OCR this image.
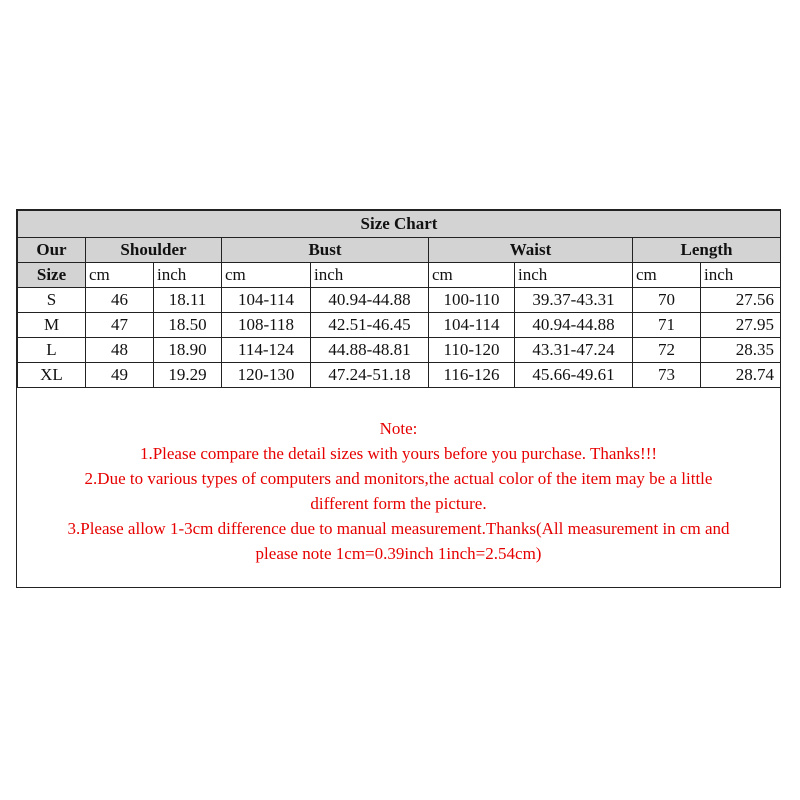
Size Chart								
Our	Shoulder		Bust		Waist		Length	
Size	cm	inch	cm	inch	cm	inch	cm	inch
S	46	18.11	104-114	40.94-44.88	100-110	39.37-43.31	70	27.56
M	47	18.50	108-118	42.51-46.45	104-114	40.94-44.88	71	27.95
L	48	18.90	114-124	44.88-48.81	110-120	43.31-47.24	72	28.35
XL	49	19.29	120-130	47.24-51.18	116-126	45.66-49.61	73	28.74

Note:

1.Please compare the detail sizes with yours before you purchase. Thanks!!!

2.Due to various types of computers and monitors,the actual color of the item may be a little

different form the picture.

3.Please allow 1-3cm difference due to manual measurement.Thanks(All measurement in cm and

please note 1cm=0.39inch 1inch=2.54cm)
